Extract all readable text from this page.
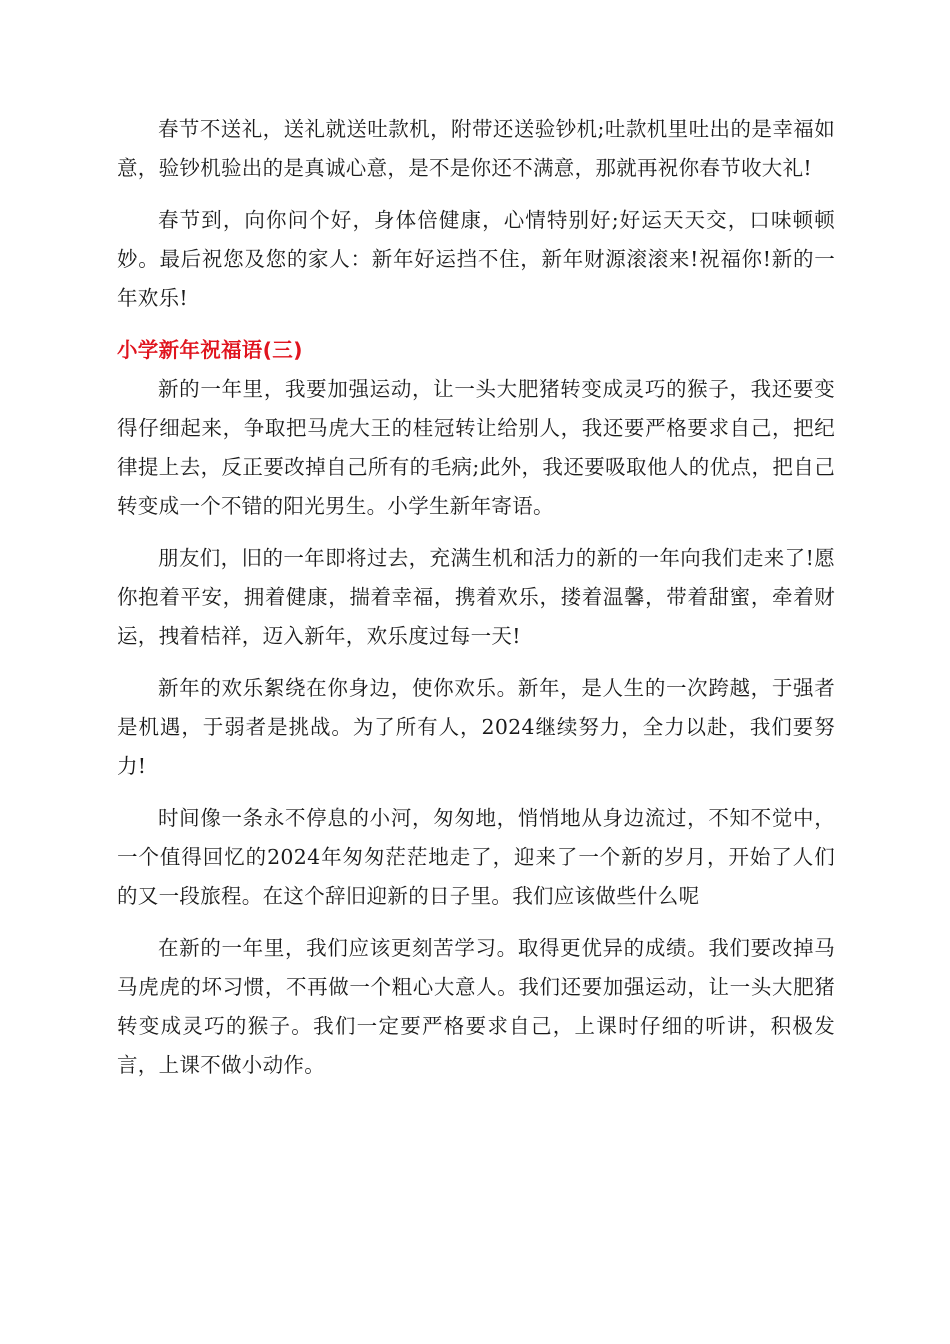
春节不送礼，送礼就送吐款机，附带还送验钞机;吐款机里吐出的是幸福如意，验钞机验出的是真诚心意，是不是你还不满意，那就再祝你春节收大礼!

春节到，向你问个好，身体倍健康，心情特别好;好运天天交，口味顿顿妙。最后祝您及您的家人：新年好运挡不住，新年财源滚滚来!祝福你!新的一年欢乐!

小学新年祝福语(三)

新的一年里，我要加强运动，让一头大肥猪转变成灵巧的猴子，我还要变得仔细起来，争取把马虎大王的桂冠转让给别人，我还要严格要求自己，把纪律提上去，反正要改掉自己所有的毛病;此外，我还要吸取他人的优点，把自己转变成一个不错的阳光男生。小学生新年寄语。

朋友们，旧的一年即将过去，充满生机和活力的新的一年向我们走来了!愿你抱着平安，拥着健康，揣着幸福，携着欢乐，搂着温馨，带着甜蜜，牵着财运，拽着桔祥，迈入新年，欢乐度过每一天!

新年的欢乐絮绕在你身边，使你欢乐。新年，是人生的一次跨越，于强者是机遇，于弱者是挑战。为了所有人，2024继续努力，全力以赴，我们要努力!

时间像一条永不停息的小河，匆匆地，悄悄地从身边流过，不知不觉中，一个值得回忆的2024年匆匆茫茫地走了，迎来了一个新的岁月，开始了人们的又一段旅程。在这个辞旧迎新的日子里。我们应该做些什么呢

在新的一年里，我们应该更刻苦学习。取得更优异的成绩。我们要改掉马马虎虎的坏习惯，不再做一个粗心大意人。我们还要加强运动，让一头大肥猪转变成灵巧的猴子。我们一定要严格要求自己，上课时仔细的听讲，积极发言，上课不做小动作。
